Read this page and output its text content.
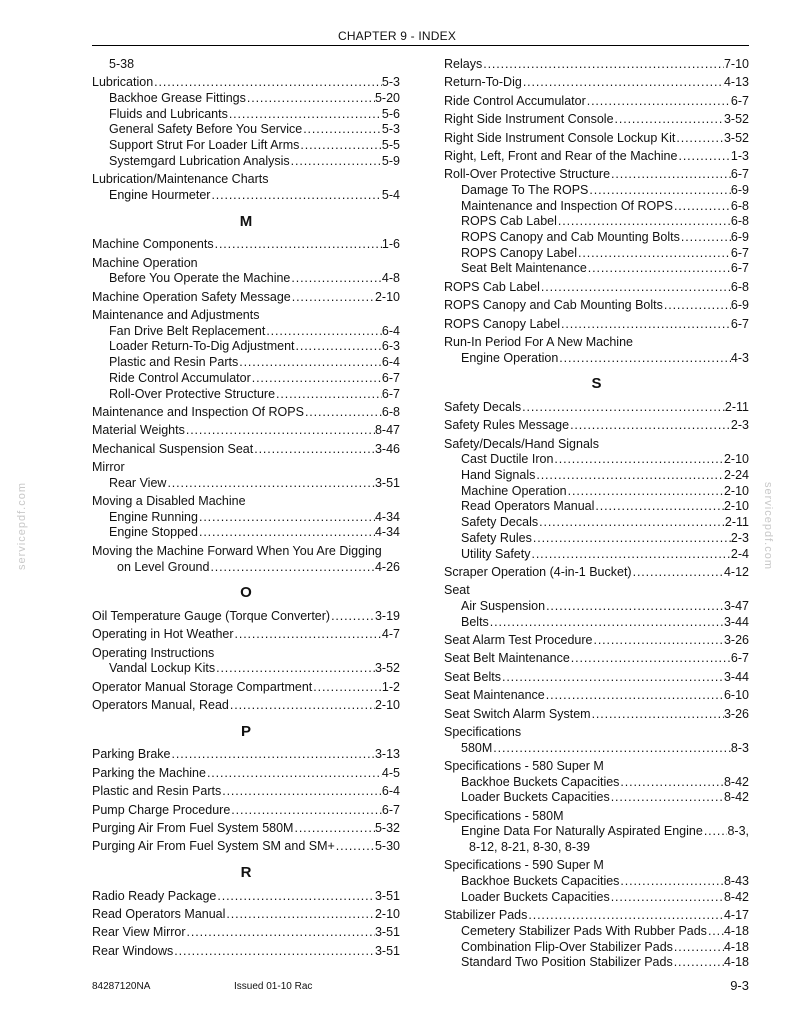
CHAPTER 9 - INDEX
5-38
Lubrication . . .	5-3
Backhoe Grease Fittings . . .	5-20
Fluids and Lubricants . . .	5-6
General Safety Before You Service . . .	5-3
Support Strut For Loader Lift Arms . . .	5-5
Systemgard Lubrication Analysis . . .	5-9
Lubrication/Maintenance Charts
Engine Hourmeter . . .	5-4
M
Machine Components . . .	1-6
Machine Operation
Before You Operate the Machine . . .	4-8
Machine Operation Safety Message . . .	2-10
Maintenance and Adjustments
Fan Drive Belt Replacement . . .	6-4
Loader Return-To-Dig Adjustment . . .	6-3
Plastic and Resin Parts . . .	6-4
Ride Control Accumulator . . .	6-7
Roll-Over Protective Structure . . .	6-7
Maintenance and Inspection Of ROPS . . .	6-8
Material Weights . . .	8-47
Mechanical Suspension Seat . . .	3-46
Mirror
Rear View . . .	3-51
Moving a Disabled Machine
Engine Running . . .	4-34
Engine Stopped . . .	4-34
Moving the Machine Forward When You Are Digging
on Level Ground . . .	4-26
O
Oil Temperature Gauge (Torque Converter) . . .	3-19
Operating in Hot Weather . . .	4-7
Operating Instructions
Vandal Lockup Kits . . .	3-52
Operator Manual Storage Compartment . . .	1-2
Operators Manual, Read . . .	2-10
P
Parking Brake . . .	3-13
Parking the Machine . . .	4-5
Plastic and Resin Parts . . .	6-4
Pump Charge Procedure . . .	6-7
Purging Air From Fuel System 580M . . .	5-32
Purging Air From Fuel System SM and SM+ . . .	5-30
R
Radio Ready Package . . .	3-51
Read Operators Manual . . .	2-10
Rear View Mirror . . .	3-51
Rear Windows . . .	3-51
Relays . . .	7-10
Return-To-Dig . . .	4-13
Ride Control Accumulator . . .	6-7
Right Side Instrument Console . . .	3-52
Right Side Instrument Console Lockup Kit . . .	3-52
Right, Left, Front and Rear of the Machine . . .	1-3
Roll-Over Protective Structure . . .	6-7
Damage To The ROPS . . .	6-9
Maintenance and Inspection Of ROPS . . .	6-8
ROPS Cab Label . . .	6-8
ROPS Canopy and Cab Mounting Bolts . . .	6-9
ROPS Canopy Label . . .	6-7
Seat Belt Maintenance . . .	6-7
ROPS Cab Label . . .	6-8
ROPS Canopy and Cab Mounting Bolts . . .	6-9
ROPS Canopy Label . . .	6-7
Run-In Period For A New Machine
Engine Operation . . .	4-3
S
Safety Decals . . .	2-11
Safety Rules Message . . .	2-3
Safety/Decals/Hand Signals
Cast Ductile Iron . . .	2-10
Hand Signals . . .	2-24
Machine Operation . . .	2-10
Read Operators Manual . . .	2-10
Safety Decals . . .	2-11
Safety Rules . . .	2-3
Utility Safety . . .	2-4
Scraper Operation (4-in-1 Bucket) . . .	4-12
Seat
Air Suspension . . .	3-47
Belts . . .	3-44
Seat Alarm Test Procedure . . .	3-26
Seat Belt Maintenance . . .	6-7
Seat Belts . . .	3-44
Seat Maintenance . . .	6-10
Seat Switch Alarm System . . .	3-26
Specifications
580M . . .	8-3
Specifications - 580 Super M
Backhoe Buckets Capacities . . .	8-42
Loader Buckets Capacities . . .	8-42
Specifications - 580M
Engine Data For Naturally Aspirated Engine . . . 8-3,
8-12, 8-21, 8-30, 8-39
Specifications - 590 Super M
Backhoe Buckets Capacities . . .	8-43
Loader Buckets Capacities . . .	8-42
Stabilizer Pads . . .	4-17
Cemetery Stabilizer Pads With Rubber Pads . . . 4-18
Combination Flip-Over Stabilizer Pads . . .	4-18
Standard Two Position Stabilizer Pads . . .	4-18
servicepdf.com	servicepdf.com
84287120NA	Issued 01-10 Rac	9-3
